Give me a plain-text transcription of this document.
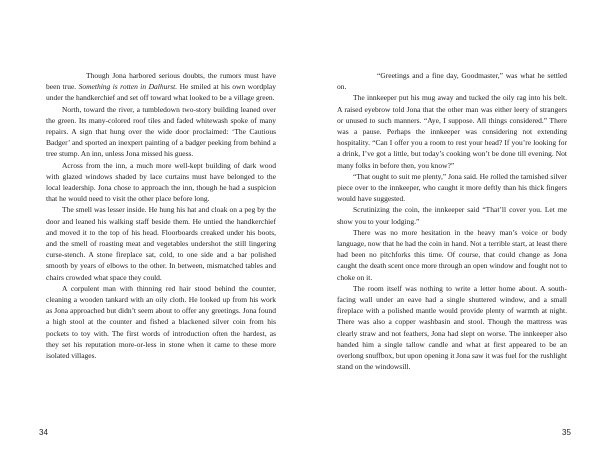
Though Jona harbored serious doubts, the rumors must have been true. Something is rotten in Dalhurst. He smiled at his own wordplay under the handkerchief and set off toward what looked to be a village green.

North, toward the river, a tumbledown two-story building leaned over the green. Its many-colored roof tiles and faded whitewash spoke of many repairs. A sign that hung over the wide door proclaimed: ‘The Cautious Badger’ and sported an inexpert painting of a badger peeking from behind a tree stump. An inn, unless Jona missed his guess.

Across from the inn, a much more well-kept building of dark wood with glazed windows shaded by lace curtains must have belonged to the local leadership. Jona chose to approach the inn, though he had a suspicion that he would need to visit the other place before long.

The smell was lesser inside. He hung his hat and cloak on a peg by the door and leaned his walking staff beside them. He untied the handkerchief and moved it to the top of his head. Floorboards creaked under his boots, and the smell of roasting meat and vegetables undershot the still lingering curse-stench. A stone fireplace sat, cold, to one side and a bar polished smooth by years of elbows to the other. In between, mismatched tables and chairs crowded what space they could.

A corpulent man with thinning red hair stood behind the counter, cleaning a wooden tankard with an oily cloth. He looked up from his work as Jona approached but didn’t seem about to offer any greetings. Jona found a high stool at the counter and fished a blackened silver coin from his pockets to toy with. The first words of introduction often the hardest, as they set his reputation more-or-less in stone when it came to these more isolated villages.

34

“Greetings and a fine day, Goodmaster,” was what he settled on.

The innkeeper put his mug away and tucked the oily rag into his belt. A raised eyebrow told Jona that the other man was either leery of strangers or unused to such manners. “Aye, I suppose. All things considered.” There was a pause. Perhaps the innkeeper was considering not extending hospitality. “Can I offer you a room to rest your head? If you’re looking for a drink, I’ve got a little, but today’s cooking won’t be done till evening. Not many folks in before then, you know?”

“That ought to suit me plenty,” Jona said. He rolled the tarnished silver piece over to the innkeeper, who caught it more deftly than his thick fingers would have suggested.

Scrutinizing the coin, the innkeeper said “That’ll cover you. Let me show you to your lodging.”

There was no more hesitation in the heavy man’s voice or body language, now that he had the coin in hand. Not a terrible start, at least there had been no pitchforks this time. Of course, that could change as Jona caught the death scent once more through an open window and fought not to choke on it.

The room itself was nothing to write a letter home about. A south-facing wall under an eave had a single shuttered window, and a small fireplace with a polished mantle would provide plenty of warmth at night. There was also a copper washbasin and stool. Though the mattress was clearly straw and not feathers, Jona had slept on worse. The innkeeper also handed him a single tallow candle and what at first appeared to be an overlong snuffbox, but upon opening it Jona saw it was fuel for the rushlight stand on the windowsill.

35
